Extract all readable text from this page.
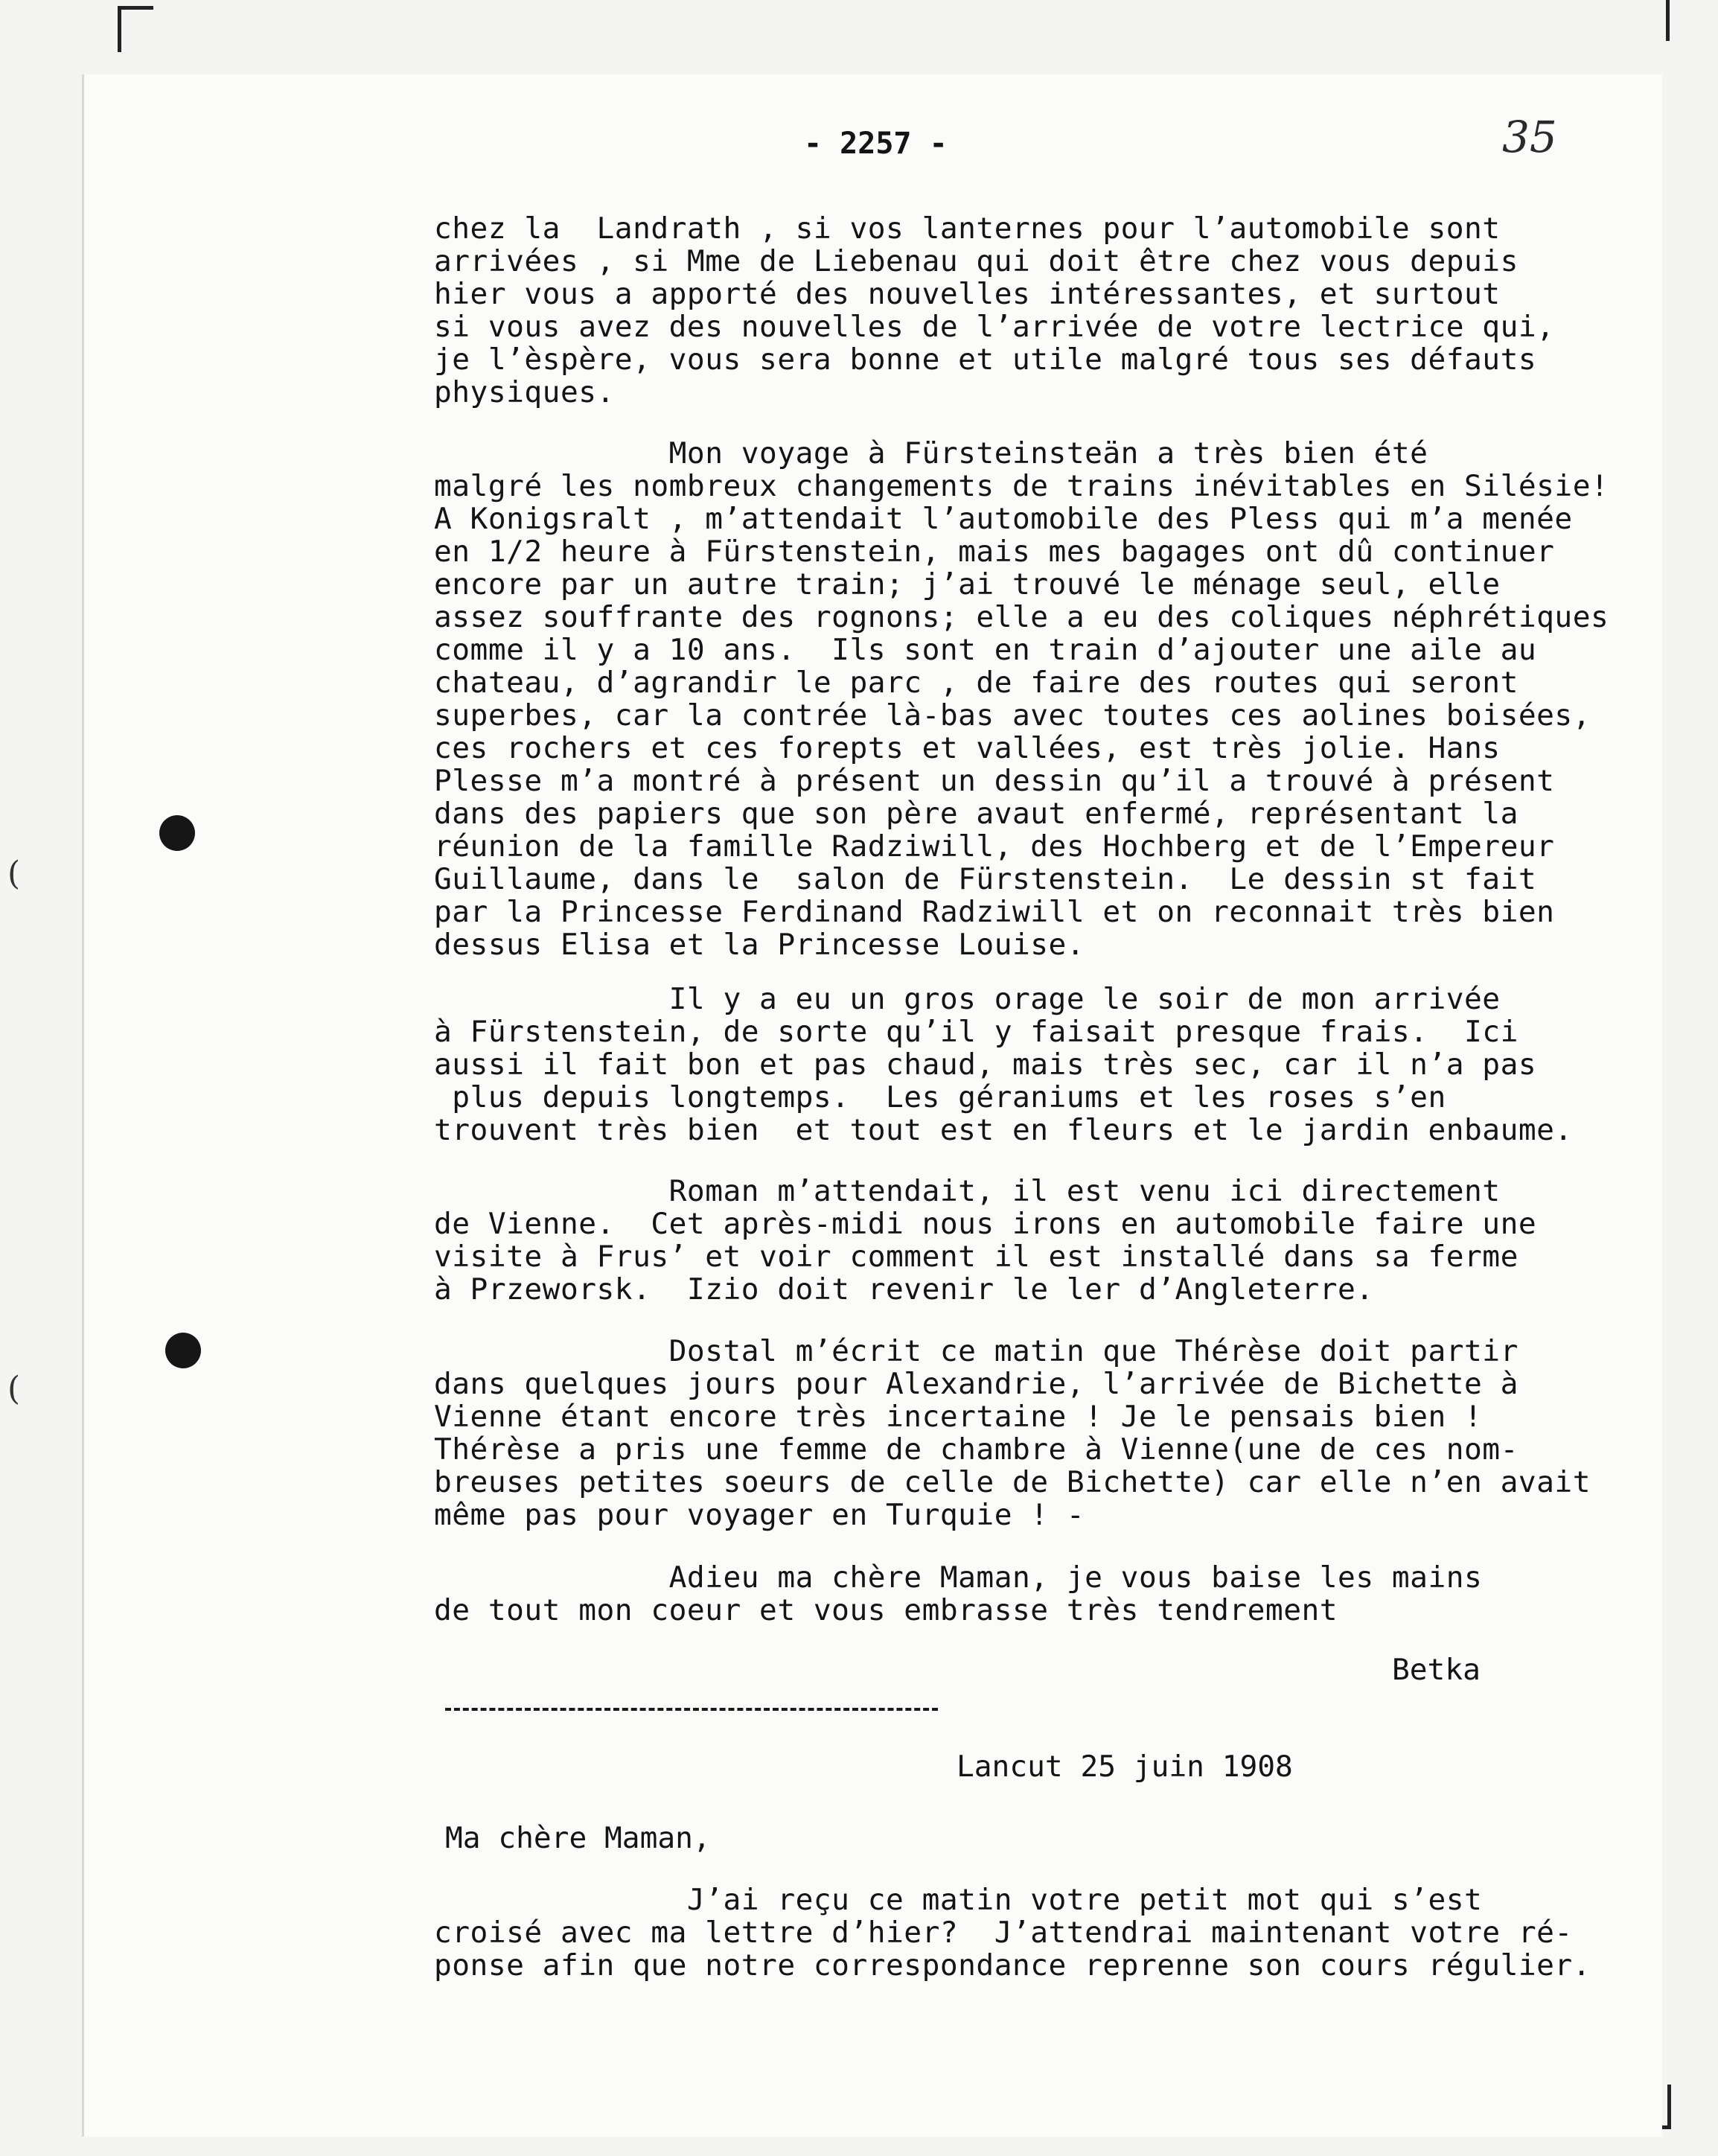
(
(
- 2257 -	35

chez la  Landrath , si vos lanternes pour l’automobile sont
arrivées , si Mme de Liebenau qui doit être chez vous depuis
hier vous a apporté des nouvelles intéressantes, et surtout
si vous avez des nouvelles de l’arrivée de votre lectrice qui,
je l’èspère, vous sera bonne et utile malgré tous ses défauts
physiques.

Mon voyage à Fürsteinsteän a très bien été
malgré les nombreux changements de trains inévitables en Silésie!
A Konigsralt , m’attendait l’automobile des Pless qui m’a menée
en 1/2 heure à Fürstenstein, mais mes bagages ont dû continuer
encore par un autre train; j’ai trouvé le ménage seul, elle
assez souffrante des rognons; elle a eu des coliques néphrétiques
comme il y a 10 ans.  Ils sont en train d’ajouter une aile au
chateau, d’agrandir le parc , de faire des routes qui seront
superbes, car la contrée là-bas avec toutes ces aolines boisées,
ces rochers et ces forepts et vallées, est très jolie. Hans
Plesse m’a montré à présent un dessin qu’il a trouvé à présent
dans des papiers que son père avaut enfermé, représentant la
réunion de la famille Radziwill, des Hochberg et de l’Empereur
Guillaume, dans le  salon de Fürstenstein.  Le dessin st fait
par la Princesse Ferdinand Radziwill et on reconnait très bien
dessus Elisa et la Princesse Louise.

Il y a eu un gros orage le soir de mon arrivée
à Fürstenstein, de sorte qu’il y faisait presque frais.  Ici
aussi il fait bon et pas chaud, mais très sec, car il n’a pas
plus depuis longtemps.  Les géraniums et les roses s’en
trouvent très bien  et tout est en fleurs et le jardin enbaume.

Roman m’attendait, il est venu ici directement
de Vienne.  Cet après-midi nous irons en automobile faire une
visite à Frus’ et voir comment il est installé dans sa ferme
à Przeworsk.  Izio doit revenir le ler d’Angleterre.

Dostal m’écrit ce matin que Thérèse doit partir
dans quelques jours pour Alexandrie, l’arrivée de Bichette à
Vienne étant encore très incertaine ! Je le pensais bien !
Thérèse a pris une femme de chambre à Vienne(une de ces nom-
breuses petites soeurs de celle de Bichette) car elle n’en avait
même pas pour voyager en Turquie ! -

Adieu ma chère Maman, je vous baise les mains
de tout mon coeur et vous embrasse très tendrement

Betka
Lancut 25 juin 1908
Ma chère Maman,

J’ai reçu ce matin votre petit mot qui s’est
croisé avec ma lettre d’hier?  J’attendrai maintenant votre ré-
ponse afin que notre correspondance reprenne son cours régulier.
